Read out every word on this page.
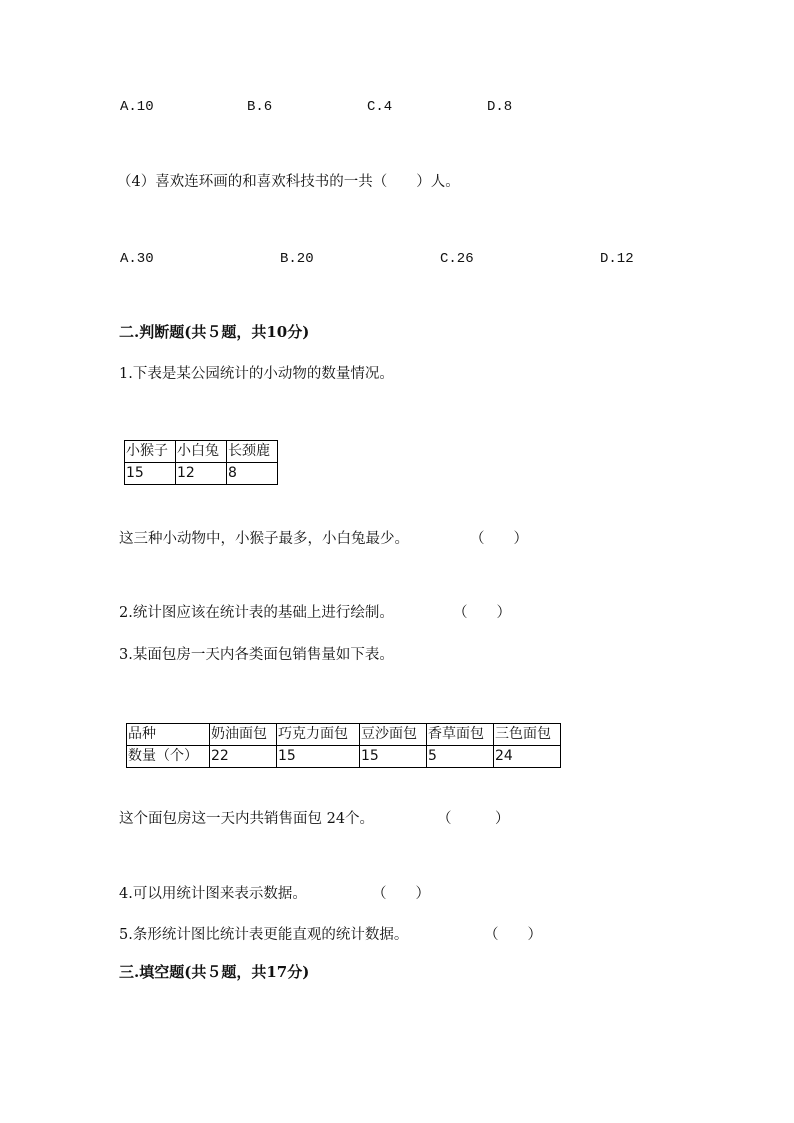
A.10	B.6	C.4	D.8
（4）喜欢连环画的和喜欢科技书的一共（　　）人。
A.30	B.20	C.26	D.12
二.判断题(共５题，共10分)
1.下表是某公园统计的小动物的数量情况。
小猴子	小白兔	长颈鹿
15	12	8
这三种小动物中，小猴子最多，小白兔最少。	（　　）
2.统计图应该在统计表的基础上进行绘制。	（　　）
3.某面包房一天内各类面包销售量如下表。
品种	奶油面包	巧克力面包	豆沙面包	香草面包	三色面包
数量（个）	22	15	15	5	24
这个面包房这一天内共销售面包 24个。	（　　　）
4.可以用统计图来表示数据。	（　　）
5.条形统计图比统计表更能直观的统计数据。	（　　）
三.填空题(共５题，共17分)
